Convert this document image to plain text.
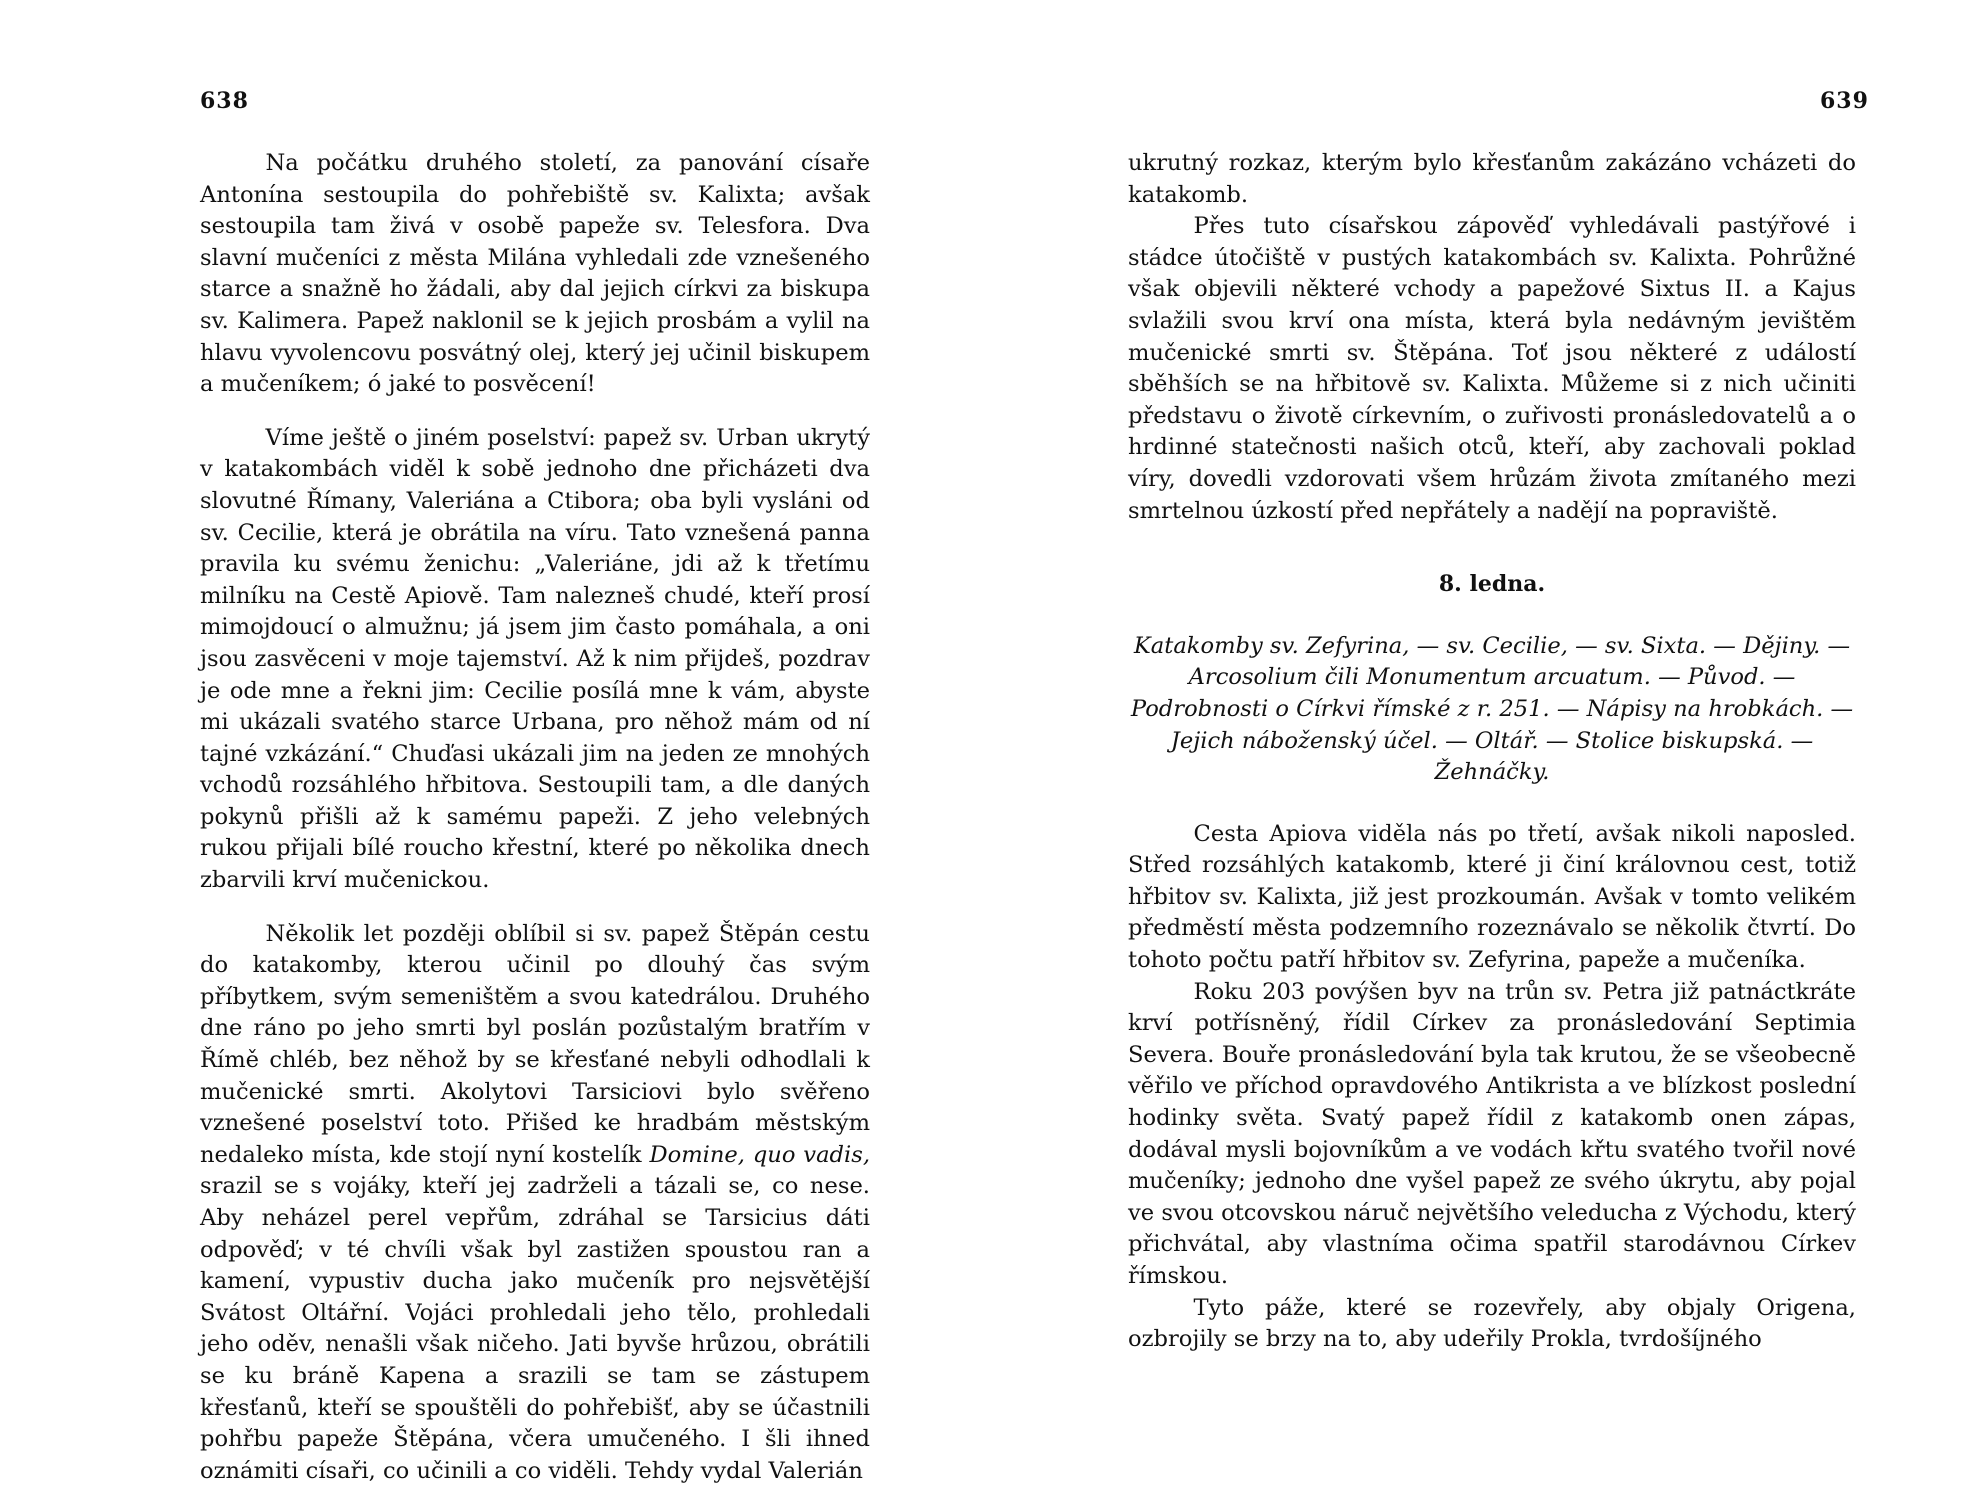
638	639

Na počátku druhého století, za panování císaře Antonína sestoupila do pohřebiště sv. Kalixta; avšak sestoupila tam živá v osobě papeže sv. Telesfora. Dva slavní mučeníci z města Milána vyhledali zde vznešeného starce a snažně ho žádali, aby dal jejich církvi za biskupa sv. Kalimera. Papež naklonil se k jejich prosbám a vylil na hlavu vyvolencovu posvátný olej, který jej učinil biskupem a mučeníkem; ó jaké to posvěcení!

Víme ještě o jiném poselství: papež sv. Urban ukrytý v katakombách viděl k sobě jednoho dne přicházeti dva slovutné Římany, Valeriána a Ctibora; oba byli vysláni od sv. Cecilie, která je obrátila na víru. Tato vznešená panna pravila ku svému ženichu: „Valeriáne, jdi až k třetímu milníku na Cestě Apiově. Tam nalezneš chudé, kteří prosí mimojdoucí o almužnu; já jsem jim často pomáhala, a oni jsou zasvěceni v moje tajemství. Až k nim přijdeš, pozdrav je ode mne a řekni jim: Cecilie posílá mne k vám, abyste mi ukázali svatého starce Urbana, pro něhož mám od ní tajné vzkázání.“ Chuďasi ukázali jim na jeden ze mnohých vchodů rozsáhlého hřbitova. Sestoupili tam, a dle daných pokynů přišli až k samému papeži. Z jeho velebných rukou přijali bílé roucho křestní, které po několika dnech zbarvili krví mučenickou.

Několik let později oblíbil si sv. papež Štěpán cestu do katakomby, kterou učinil po dlouhý čas svým příbytkem, svým semeništěm a svou katedrálou. Druhého dne ráno po jeho smrti byl poslán pozůstalým bratřím v Římě chléb, bez něhož by se křesťané nebyli odhodlali k mučenické smrti. Akolytovi Tarsiciovi bylo svěřeno vznešené poselství toto. Přišed ke hradbám městským nedaleko místa, kde stojí nyní kostelík Domine, quo vadis, srazil se s vojáky, kteří jej zadrželi a tázali se, co nese. Aby neházel perel vepřům, zdráhal se Tarsicius dáti odpověď; v té chvíli však byl zastižen spoustou ran a kamení, vypustiv ducha jako mučeník pro nejsvětější Svátost Oltářní. Vojáci prohledali jeho tělo, prohledali jeho oděv, nenašli však ničeho. Jati byvše hrůzou, obrátili se ku bráně Kapena a srazili se tam se zástupem křesťanů, kteří se spouštěli do pohřebišť, aby se účastnili pohřbu papeže Štěpána, včera umučeného. I šli ihned oznámiti císaři, co učinili a co viděli. Tehdy vydal Valerián

ukrutný rozkaz, kterým bylo křesťanům zakázáno vcházeti do katakomb.

Přes tuto císařskou zápověď vyhledávali pastýřové i stádce útočiště v pustých katakombách sv. Kalixta. Pohrůžné však objevili některé vchody a papežové Sixtus II. a Kajus svlažili svou krví ona místa, která byla nedávným jevištěm mučenické smrti sv. Štěpána. Toť jsou některé z událostí sběhších se na hřbitově sv. Kalixta. Můžeme si z nich učiniti představu o životě církevním, o zuřivosti pronásledovatelů a o hrdinné statečnosti našich otců, kteří, aby zachovali poklad víry, dovedli vzdorovati všem hrůzám života zmítaného mezi smrtelnou úzkostí před nepřátely a nadějí na popraviště.

8. ledna.

Katakomby sv. Zefyrina, — sv. Cecilie, — sv. Sixta. — Dějiny. — Arcosolium čili Monumentum arcuatum. — Původ. — Podrobnosti o Církvi římské z r. 251. — Nápisy na hrobkách. — Jejich náboženský účel. — Oltář. — Stolice biskupská. — Žehnáčky.

Cesta Apiova viděla nás po třetí, avšak nikoli naposled. Střed rozsáhlých katakomb, které ji činí královnou cest, totiž hřbitov sv. Kalixta, již jest prozkoumán. Avšak v tomto velikém předměstí města podzemního rozeznávalo se několik čtvrtí. Do tohoto počtu patří hřbitov sv. Zefyrina, papeže a mučeníka.

Roku 203 povýšen byv na trůn sv. Petra již patnáctkráte krví potřísněný, řídil Církev za pronásledování Septimia Severa. Bouře pronásledování byla tak krutou, že se všeobecně věřilo ve příchod opravdového Antikrista a ve blízkost poslední hodinky světa. Svatý papež řídil z katakomb onen zápas, dodával mysli bojovníkům a ve vodách křtu svatého tvořil nové mučeníky; jednoho dne vyšel papež ze svého úkrytu, aby pojal ve svou otcovskou náruč největšího veleducha z Východu, který přichvátal, aby vlastníma očima spatřil starodávnou Církev římskou.

Tyto páže, které se rozevřely, aby objaly Origena, ozbrojily se brzy na to, aby udeřily Prokla, tvrdošíjného
